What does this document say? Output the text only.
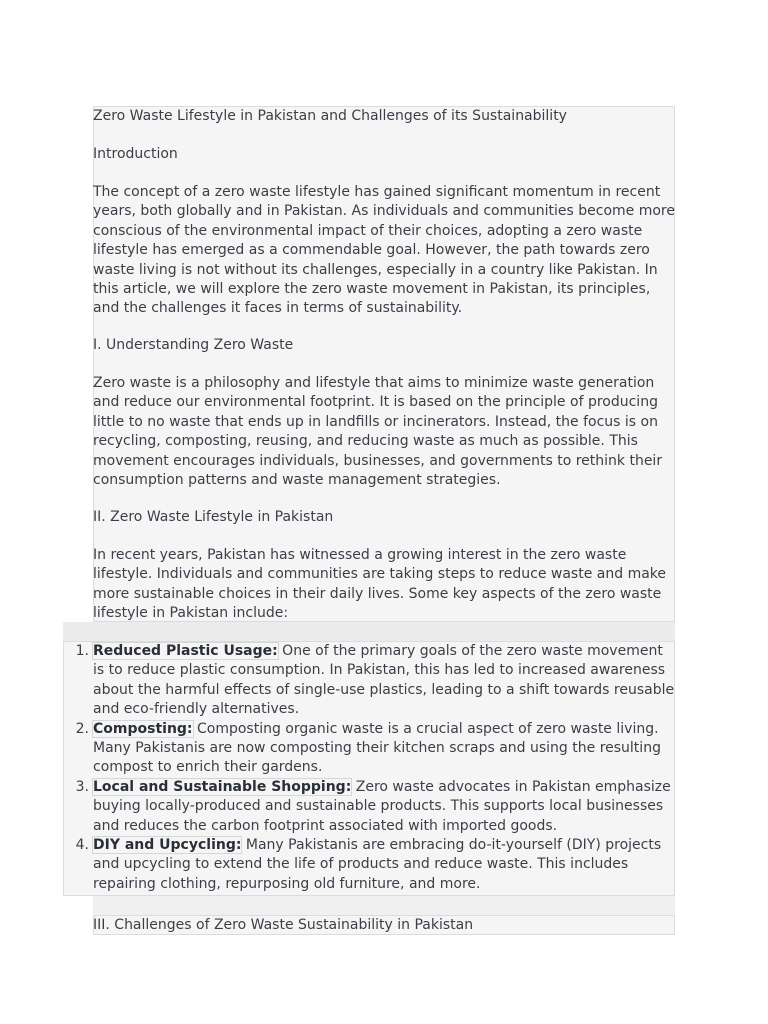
Zero Waste Lifestyle in Pakistan and Challenges of its Sustainability

Introduction

The concept of a zero waste lifestyle has gained significant momentum in recent years, both globally and in Pakistan. As individuals and communities become more conscious of the environmental impact of their choices, adopting a zero waste lifestyle has emerged as a commendable goal. However, the path towards zero waste living is not without its challenges, especially in a country like Pakistan. In this article, we will explore the zero waste movement in Pakistan, its principles, and the challenges it faces in terms of sustainability.

I. Understanding Zero Waste

Zero waste is a philosophy and lifestyle that aims to minimize waste generation and reduce our environmental footprint. It is based on the principle of producing little to no waste that ends up in landfills or incinerators. Instead, the focus is on recycling, composting, reusing, and reducing waste as much as possible. This movement encourages individuals, businesses, and governments to rethink their consumption patterns and waste management strategies.

II. Zero Waste Lifestyle in Pakistan

In recent years, Pakistan has witnessed a growing interest in the zero waste lifestyle. Individuals and communities are taking steps to reduce waste and make more sustainable choices in their daily lives. Some key aspects of the zero waste lifestyle in Pakistan include:

1. Reduced Plastic Usage: One of the primary goals of the zero waste movement is to reduce plastic consumption. In Pakistan, this has led to increased awareness about the harmful effects of single-use plastics, leading to a shift towards reusable and eco-friendly alternatives.
2. Composting: Composting organic waste is a crucial aspect of zero waste living. Many Pakistanis are now composting their kitchen scraps and using the resulting compost to enrich their gardens.
3. Local and Sustainable Shopping: Zero waste advocates in Pakistan emphasize buying locally-produced and sustainable products. This supports local businesses and reduces the carbon footprint associated with imported goods.
4. DIY and Upcycling: Many Pakistanis are embracing do-it-yourself (DIY) projects and upcycling to extend the life of products and reduce waste. This includes repairing clothing, repurposing old furniture, and more.

III. Challenges of Zero Waste Sustainability in Pakistan
